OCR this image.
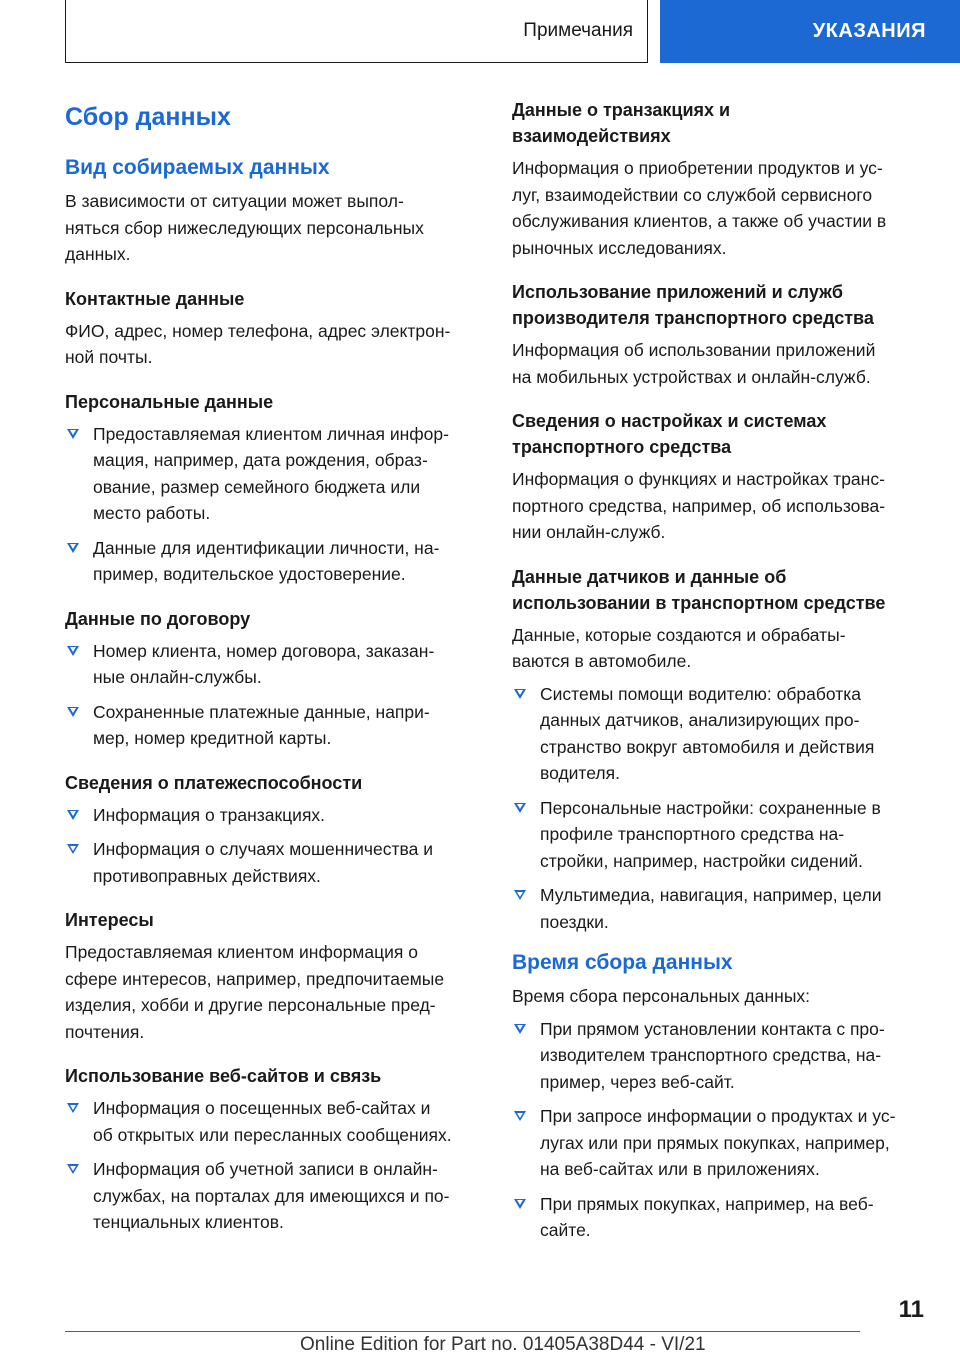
Примечания	УКАЗАНИЯ
Сбор данных
Вид собираемых данных

В зависимости от ситуации может выпол-
няться сбор нижеследующих персональных
данных.

Контактные данные

ФИО, адрес, номер телефона, адрес электрон-
ной почты.

Персональные данные
Предоставляемая клиентом личная инфор-
мация, например, дата рождения, образ-
ование, размер семейного бюджета или
место работы.
Данные для идентификации личности, на-
пример, водительское удостоверение.
Данные по договору
Номер клиента, номер договора, заказан-
ные онлайн-службы.
Сохраненные платежные данные, напри-
мер, номер кредитной карты.
Сведения о платежеспособности
Информация о транзакциях.
Информация о случаях мошенничества и
противоправных действиях.
Интересы

Предоставляемая клиентом информация о
сфере интересов, например, предпочитаемые
изделия, хобби и другие персональные пред-
почтения.

Использование веб-сайтов и связь
Информация о посещенных веб-сайтах и
об открытых или пересланных сообщениях.
Информация об учетной записи в онлайн-
службах, на порталах для имеющихся и по-
тенциальных клиентов.
Данные о транзакциях и
взаимодействиях

Информация о приобретении продуктов и ус-
луг, взаимодействии со службой сервисного
обслуживания клиентов, а также об участии в
рыночных исследованиях.

Использование приложений и служб
производителя транспортного средства

Информация об использовании приложений
на мобильных устройствах и онлайн-служб.

Сведения о настройках и системах
транспортного средства

Информация о функциях и настройках транс-
портного средства, например, об использова-
нии онлайн-служб.

Данные датчиков и данные об
использовании в транспортном средстве

Данные, которые создаются и обрабаты-
ваются в автомобиле.

Системы помощи водителю: обработка
данных датчиков, анализирующих про-
странство вокруг автомобиля и действия
водителя.
Персональные настройки: сохраненные в
профиле транспортного средства на-
стройки, например, настройки сидений.
Мультимедиа, навигация, например, цели
поездки.
Время сбора данных

Время сбора персональных данных:

При прямом установлении контакта с про-
изводителем транспортного средства, на-
пример, через веб-сайт.
При запросе информации о продуктах и ус-
лугах или при прямых покупках, например,
на веб-сайтах или в приложениях.
При прямых покупках, например, на веб-
сайте.
11
Online Edition for Part no. 01405A38D44 - VI/21
